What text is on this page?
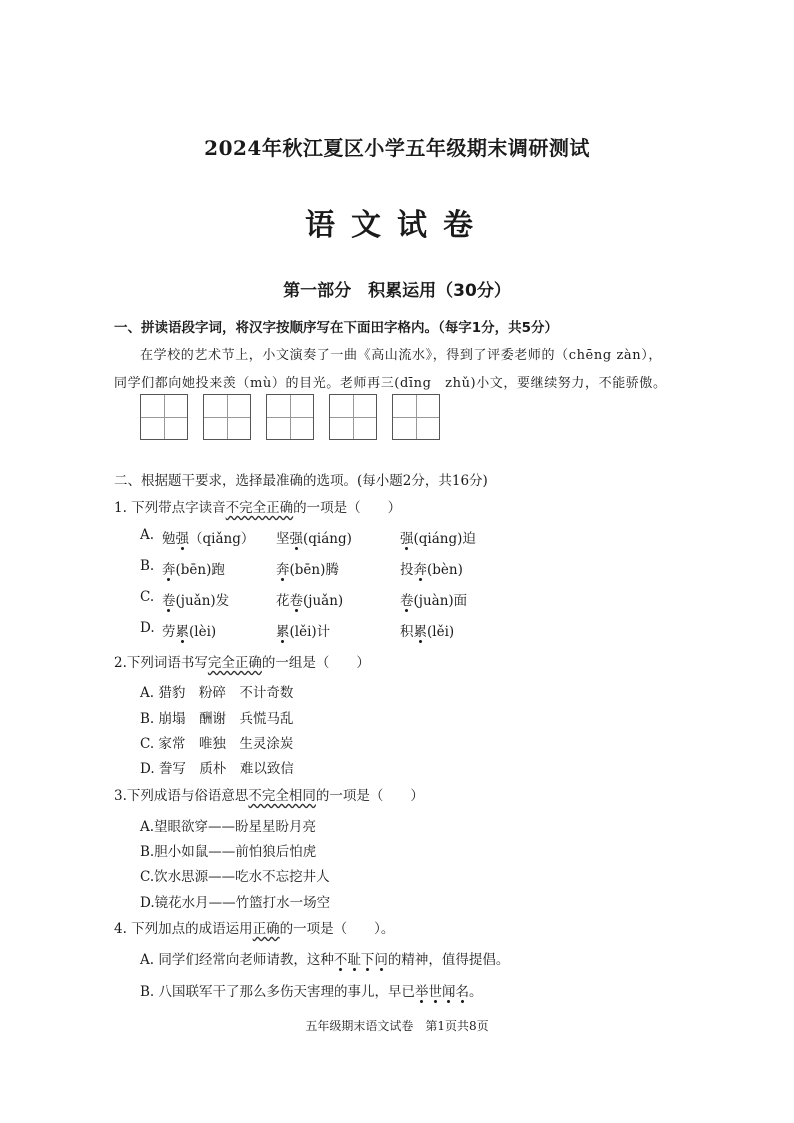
2024年秋江夏区小学五年级期末调研测试
语文试卷
第一部分　积累运用（30分）
一、拼读语段字词，将汉字按顺序写在下面田字格内。（每字1分，共5分）
在学校的艺术节上，小文演奏了一曲《高山流水》，得到了评委老师的（chēng zàn），
同学们都向她投来羡（mù）的目光。老师再三(dīng　zhǔ)小文，要继续努力，不能骄傲。
二、根据题干要求，选择最准确的选项。(每小题2分，共16分)
1. 下列带点字读音不完全正确的一项是（　　）
A. 勉强（qiǎng） 坚强(qiáng)	强(qiáng)迫
B. 奔(bēn)跑	奔(bēn)腾	投奔(bèn)
C. 卷(juǎn)发	花卷(juǎn)	卷(juàn)面
D. 劳累(lèi)	累(lěi)计	积累(lěi)
2.下列词语书写完全正确的一组是（　　）
A. 猎豹　粉碎　不计奇数
B. 崩塌　酬谢　兵慌马乱
C. 家常　唯独　生灵涂炭
D. 誊写　质朴　难以致信
3.下列成语与俗语意思不完全相同的一项是（　　）
A.望眼欲穿——盼星星盼月亮
B.胆小如鼠——前怕狼后怕虎
C.饮水思源——吃水不忘挖井人
D.镜花水月——竹篮打水一场空
4. 下列加点的成语运用正确的一项是（　　）。
A. 同学们经常向老师请教，这种不耻下问的精神，值得提倡。
B. 八国联军干了那么多伤天害理的事儿，早已举世闻名。
五年级期末语文试卷　第1页共8页
